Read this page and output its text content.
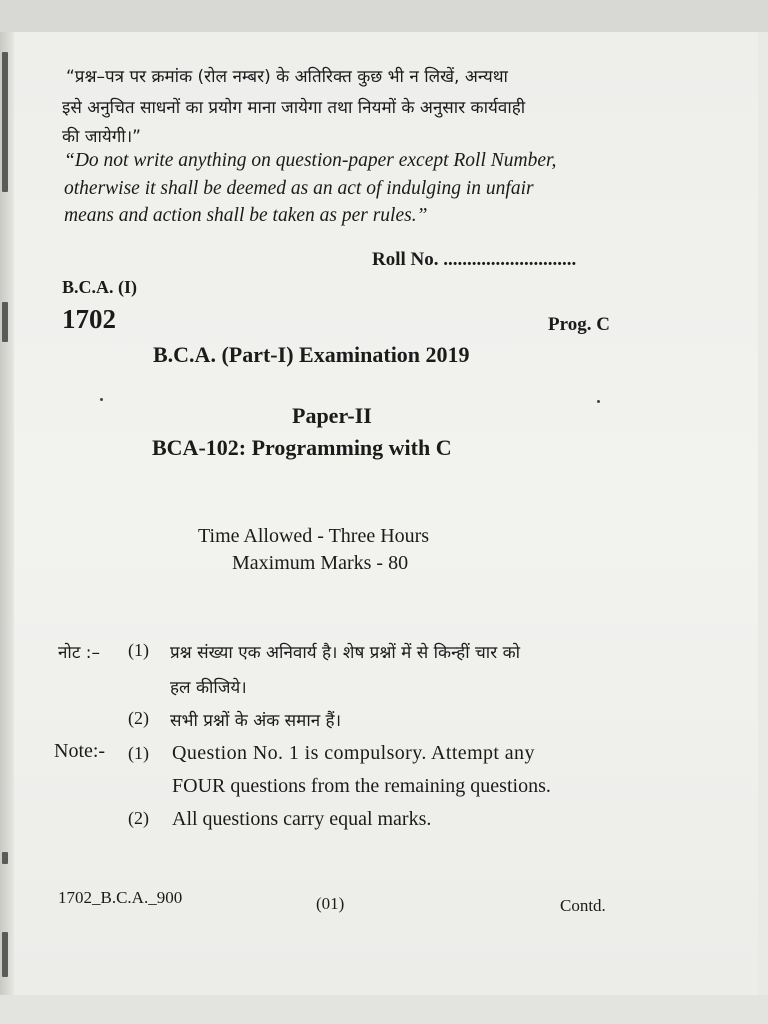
“प्रश्न–पत्र पर क्रमांक (रोल नम्बर) के अतिरिक्त कुछ भी न लिखें, अन्यथा
इसे अनुचित साधनों का प्रयोग माना जायेगा तथा नियमों के अनुसार कार्यवाही
की जायेगी।”
“Do not write anything on question-paper except Roll Number,
otherwise it shall be deemed as an act of indulging in unfair
means and action shall be taken as per rules.”
Roll No. ............................
B.C.A. (I)
1702	Prog. C
B.C.A. (Part-I) Examination 2019
Paper-II
BCA-102: Programming with C
Time Allowed - Three Hours
Maximum Marks - 80
नोट :– (1) प्रश्न संख्या एक अनिवार्य है। शेष प्रश्नों में से किन्हीं चार को
हल कीजिये।
(2) सभी प्रश्नों के अंक समान हैं।
Note:- (1) Question No. 1 is compulsory. Attempt any
FOUR questions from the remaining questions.
(2) All questions carry equal marks.
1702_B.C.A._900	(01)	Contd.
